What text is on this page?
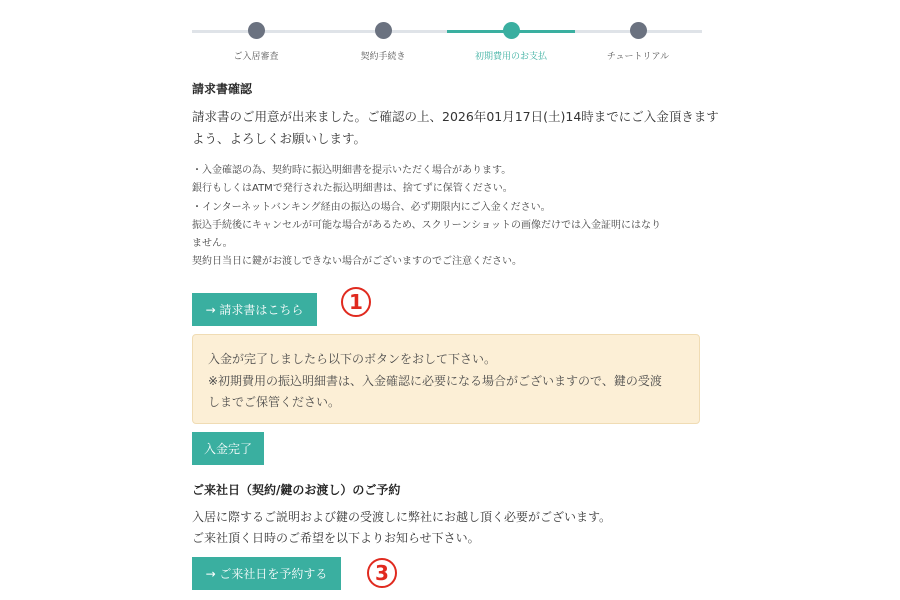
ご入居審査	契約手続き	初期費用のお支払	チュートリアル
請求書確認
請求書のご用意が出来ました。ご確認の上、2026年01月17日(土)14時までにご入金頂きます
よう、よろしくお願いします。
・入金確認の為、契約時に振込明細書を提示いただく場合があります。
銀行もしくはATMで発行された振込明細書は、捨てずに保管ください。
・インターネットバンキング経由の振込の場合、必ず期限内にご入金ください。
振込手続後にキャンセルが可能な場合があるため、スクリーンショットの画像だけでは入金証明にはなり
ません。
契約日当日に鍵がお渡しできない場合がございますのでご注意ください。
→ 請求書はこちら	1
入金が完了しましたら以下のボタンをおして下さい。
※初期費用の振込明細書は、入金確認に必要になる場合がございますので、鍵の受渡
しまでご保管ください。
入金完了
ご来社日（契約/鍵のお渡し）のご予約
入居に際するご説明および鍵の受渡しに弊社にお越し頂く必要がございます。
ご来社頂く日時のご希望を以下よりお知らせ下さい。
→ ご来社日を予約する	3
